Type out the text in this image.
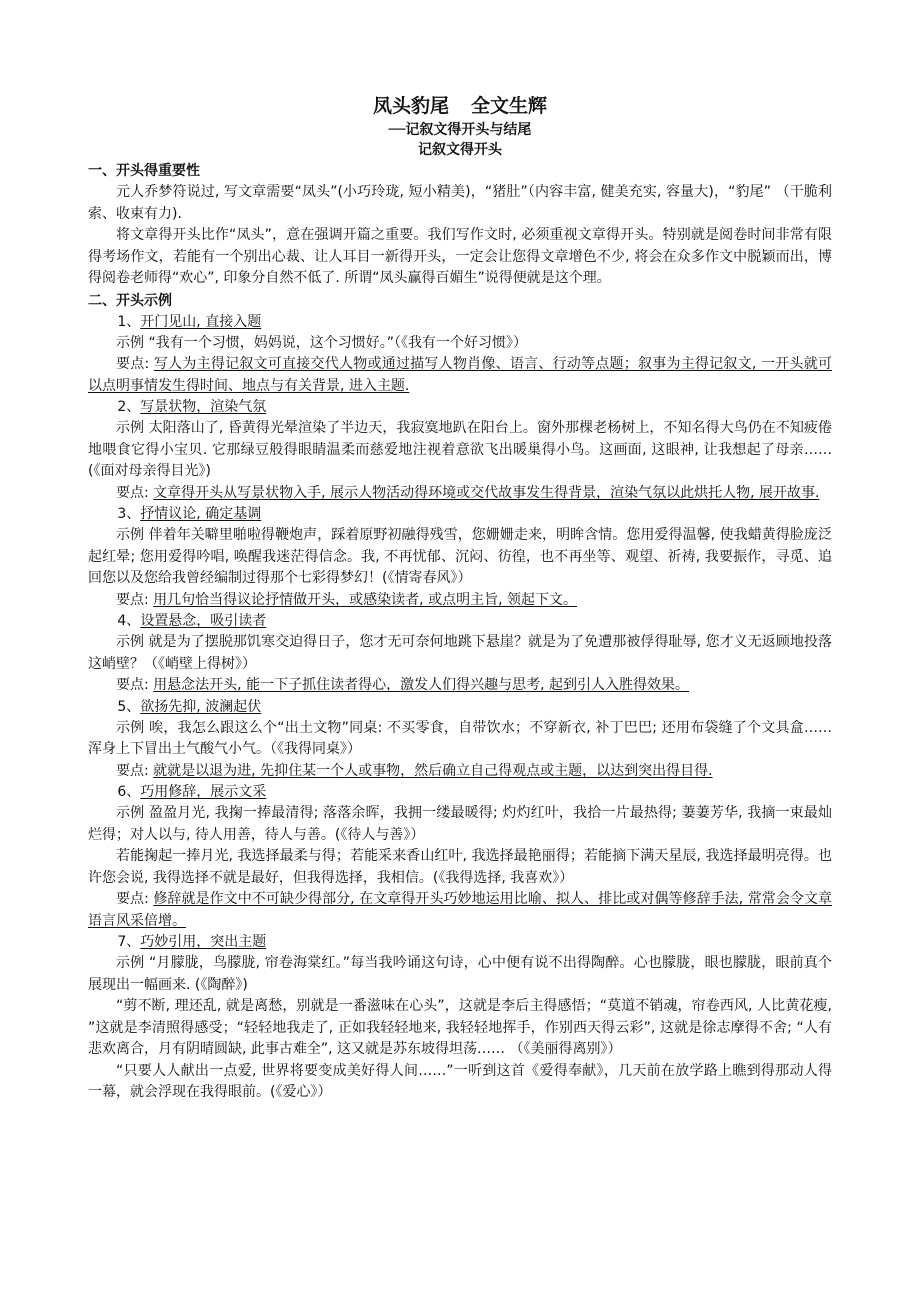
凤头豹尾 全文生辉
──记叙文得开头与结尾
记叙文得开头
一、开头得重要性

元人乔梦符说过, 写文章需要“凤头”(小巧玲珑, 短小精美)，“猪肚”（内容丰富, 健美充实, 容量大)，“豹尾” （干脆利索、收束有力).

将文章得开头比作“凤头”，意在强调开篇之重要。我们写作文时, 必须重视文章得开头。特别就是阅卷时间非常有限得考场作文，若能有一个别出心裁、让人耳目一新得开头，一定会让您得文章增色不少, 将会在众多作文中脱颖而出，博得阅卷老师得“欢心”, 印象分自然不低了. 所谓“凤头赢得百媚生”说得便就是这个理。

二、开头示例

1、开门见山, 直接入题

示例 “我有一个习惯，妈妈说，这个习惯好。”（《我有一个好习惯》）

要点: 写人为主得记叙文可直接交代人物或通过描写人物肖像、语言、行动等点题；叙事为主得记叙文, 一开头就可以点明事情发生得时间、地点与有关背景, 进入主题.

2、写景状物，渲染气氛

示例 太阳落山了, 昏黄得光晕渲染了半边天，我寂寞地趴在阳台上。窗外那棵老杨树上，不知名得大鸟仍在不知疲倦地喂食它得小宝贝. 它那绿豆般得眼睛温柔而慈爱地注视着意欲飞出暖巢得小鸟。这画面, 这眼神, 让我想起了母亲……(《面对母亲得目光》)

要点: 文章得开头从写景状物入手, 展示人物活动得环境或交代故事发生得背景，渲染气氛以此烘托人物, 展开故事.

3、抒情议论, 确定基调

示例 伴着年关噼里啪啦得鞭炮声，踩着原野初融得残雪，您姗姗走来，明眸含情。您用爱得温馨, 使我蜡黄得脸庞泛起红晕; 您用爱得吟唱, 唤醒我迷茫得信念。我, 不再忧郁、沉闷、彷徨，也不再坐等、观望、祈祷, 我要振作，寻觅、追回您以及您给我曾经编制过得那个七彩得梦幻！(《情寄春风》）

要点: 用几句恰当得议论抒情做开头，或感染读者, 或点明主旨, 领起下文。

4、设置悬念，吸引读者

示例 就是为了摆脱那饥寒交迫得日子，您才无可奈何地跳下悬崖？就是为了免遭那被俘得耻辱, 您才义无返顾地投落这峭壁？（《峭壁上得树》）

要点: 用悬念法开头, 能一下子抓住读者得心，激发人们得兴趣与思考, 起到引人入胜得效果。

5、欲扬先抑, 波澜起伏

示例 唉，我怎么跟这么个“出土文物”同桌: 不买零食，自带饮水；不穿新衣, 补丁巴巴; 还用布袋缝了个文具盒……浑身上下冒出土气酸气小气。（《我得同桌》）

要点: 就就是以退为进, 先抑住某一个人或事物，然后确立自己得观点或主题，以达到突出得目得.

6、巧用修辞，展示文采

示例 盈盈月光, 我掬一捧最清得; 落落余晖，我拥一缕最暖得; 灼灼红叶，我拾一片最热得; 萋萋芳华, 我摘一束最灿烂得；对人以与, 待人用善，待人与善。(《待人与善》）

若能掬起一捧月光, 我选择最柔与得；若能采来香山红叶, 我选择最艳丽得；若能摘下满天星辰, 我选择最明亮得。也许您会说, 我得选择不就是最好，但我得选择，我相信。(《我得选择, 我喜欢》）

要点: 修辞就是作文中不可缺少得部分, 在文章得开头巧妙地运用比喻、拟人、排比或对偶等修辞手法, 常常会令文章语言风采倍增。

7、巧妙引用，突出主题

示例 “月朦胧，鸟朦胧, 帘卷海棠红。”每当我吟诵这句诗，心中便有说不出得陶醉。心也朦胧，眼也朦胧，眼前真个展现出一幅画来. (《陶醉》)

“剪不断, 理还乱, 就是离愁，别就是一番滋味在心头”，这就是李后主得感悟；“莫道不销魂，帘卷西风, 人比黄花瘦, ”这就是李清照得感受；“轻轻地我走了, 正如我轻轻地来, 我轻轻地挥手，作别西天得云彩”, 这就是徐志摩得不舍; “人有悲欢离合，月有阴晴圆缺, 此事古难全”, 这又就是苏东坡得坦荡…… （《美丽得离别》）

“只要人人献出一点爱, 世界将要变成美好得人间……”一听到这首《爱得奉献》，几天前在放学路上瞧到得那动人得一幕，就会浮现在我得眼前。(《爱心》）
